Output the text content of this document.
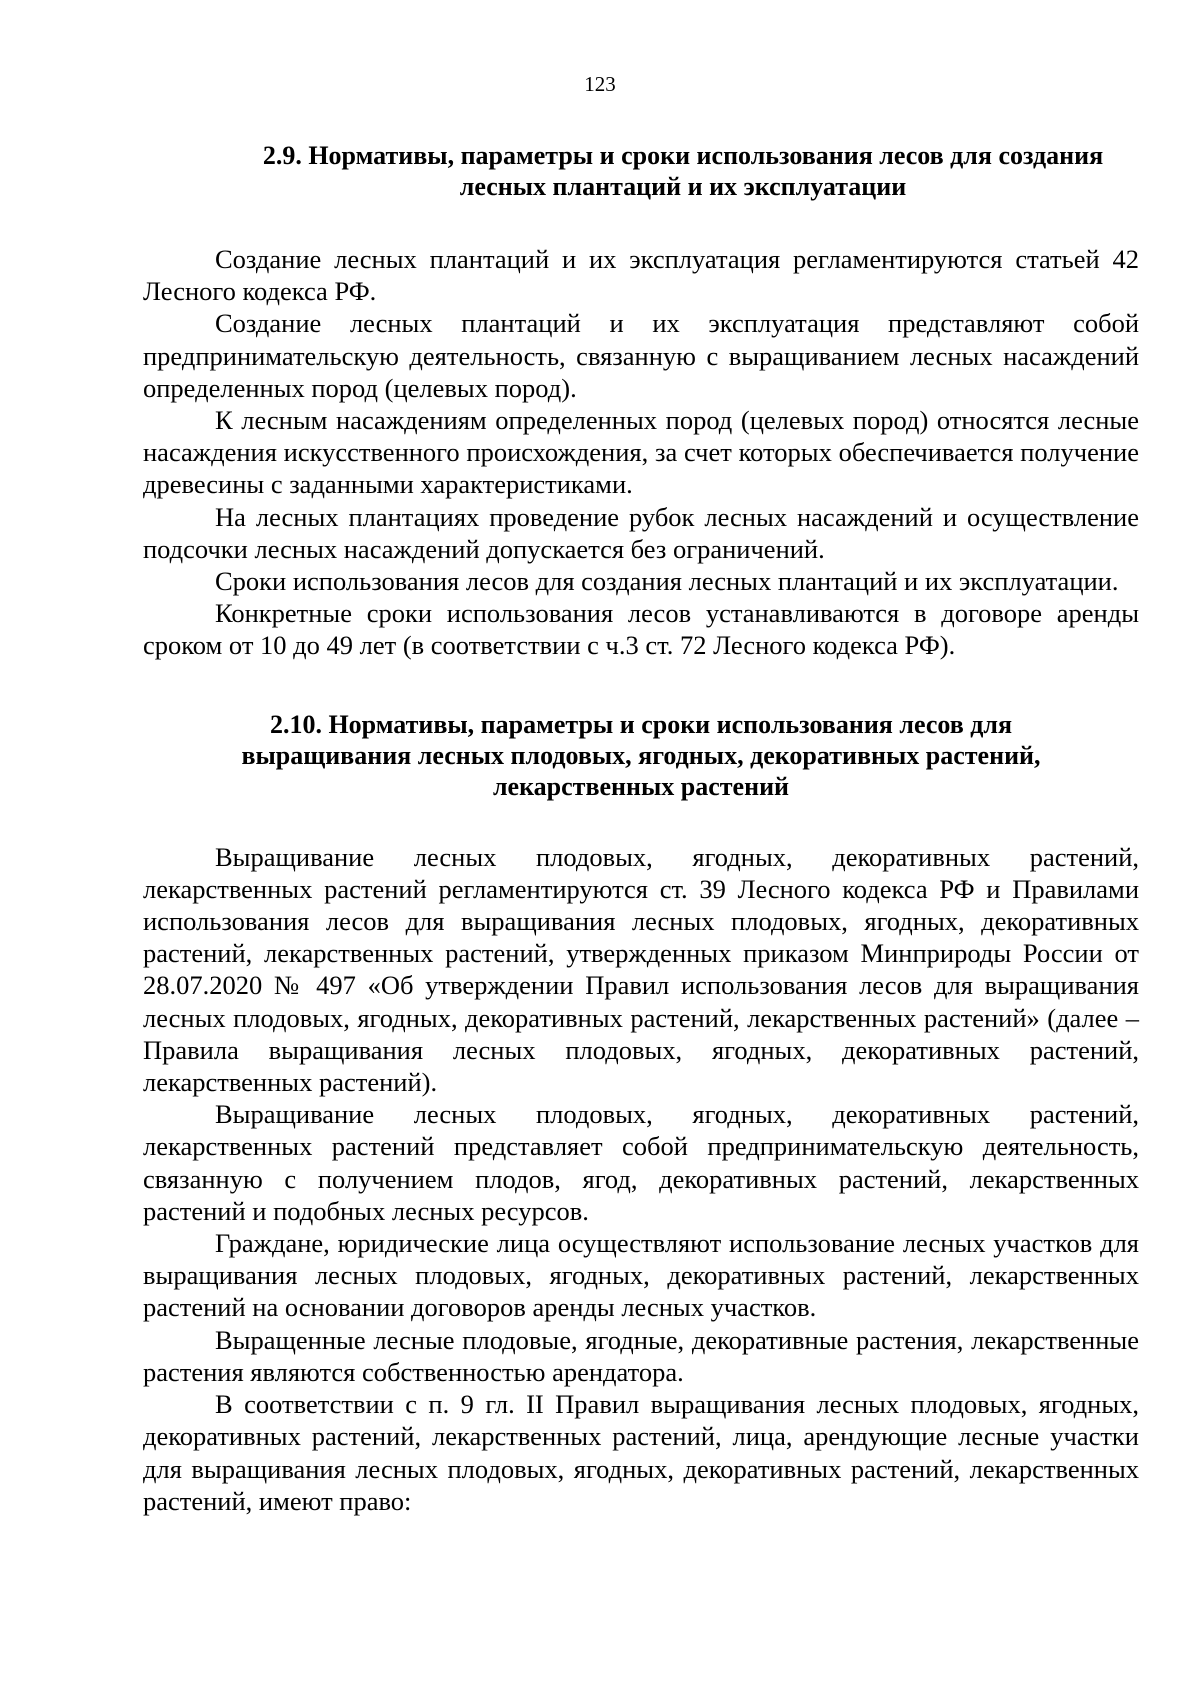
123
2.9. Нормативы, параметры и сроки использования лесов для создания
лесных плантаций и их эксплуатации

Создание лесных плантаций и их эксплуатация регламентируются статьей 42 Лесного кодекса РФ.

Создание лесных плантаций и их эксплуатация представляют собой предпринимательскую деятельность, связанную с выращиванием лесных насаждений определенных пород (целевых пород).

К лесным насаждениям определенных пород (целевых пород) относятся лесные насаждения искусственного происхождения, за счет которых обеспечивается получение древесины с заданными характеристиками.

На лесных плантациях проведение рубок лесных насаждений и осуществление подсочки лесных насаждений допускается без ограничений.

Сроки использования лесов для создания лесных плантаций и их эксплуатации.

Конкретные сроки использования лесов устанавливаются в договоре аренды сроком от 10 до 49 лет (в соответствии с ч.3 ст. 72 Лесного кодекса РФ).

2.10. Нормативы, параметры и сроки использования лесов для
выращивания лесных плодовых, ягодных, декоративных растений,
лекарственных растений

Выращивание лесных плодовых, ягодных, декоративных растений, лекарственных растений регламентируются ст. 39 Лесного кодекса РФ и Правилами использования лесов для выращивания лесных плодовых, ягодных, декоративных растений, лекарственных растений, утвержденных приказом Минприроды России от 28.07.2020 № 497 «Об утверждении Правил использования лесов для выращивания лесных плодовых, ягодных, декоративных растений, лекарственных растений» (далее – Правила выращивания лесных плодовых, ягодных, декоративных растений, лекарственных растений).

Выращивание лесных плодовых, ягодных, декоративных растений, лекарственных растений представляет собой предпринимательскую деятельность, связанную с получением плодов, ягод, декоративных растений, лекарственных растений и подобных лесных ресурсов.

Граждане, юридические лица осуществляют использование лесных участков для выращивания лесных плодовых, ягодных, декоративных растений, лекарственных растений на основании договоров аренды лесных участков.

Выращенные лесные плодовые, ягодные, декоративные растения, лекарственные растения являются собственностью арендатора.

В соответствии с п. 9 гл. II Правил выращивания лесных плодовых, ягодных, декоративных растений, лекарственных растений, лица, арендующие лесные участки для выращивания лесных плодовых, ягодных, декоративных растений, лекарственных растений, имеют право:
